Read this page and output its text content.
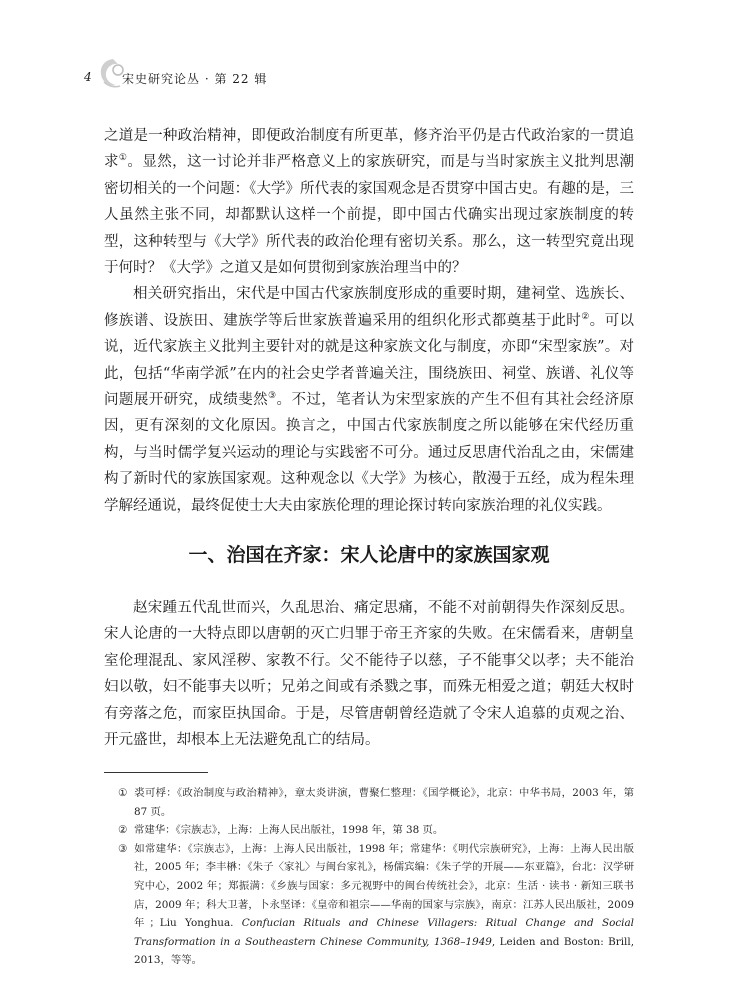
4	宋史研究论丛 · 第 22 辑

之道是一种政治精神，即便政治制度有所更革，修齐治平仍是古代政治家的一贯追求①。显然，这一讨论并非严格意义上的家族研究，而是与当时家族主义批判思潮密切相关的一个问题：《大学》所代表的家国观念是否贯穿中国古史。有趣的是，三人虽然主张不同，却都默认这样一个前提，即中国古代确实出现过家族制度的转型，这种转型与《大学》所代表的政治伦理有密切关系。那么，这一转型究竟出现于何时？《大学》之道又是如何贯彻到家族治理当中的？

相关研究指出，宋代是中国古代家族制度形成的重要时期，建祠堂、选族长、修族谱、设族田、建族学等后世家族普遍采用的组织化形式都奠基于此时②。可以说，近代家族主义批判主要针对的就是这种家族文化与制度，亦即“宋型家族”。对此，包括“华南学派”在内的社会史学者普遍关注，围绕族田、祠堂、族谱、礼仪等问题展开研究，成绩斐然③。不过，笔者认为宋型家族的产生不但有其社会经济原因，更有深刻的文化原因。换言之，中国古代家族制度之所以能够在宋代经历重构，与当时儒学复兴运动的理论与实践密不可分。通过反思唐代治乱之由，宋儒建构了新时代的家族国家观。这种观念以《大学》为核心，散漫于五经，成为程朱理学解经通说，最终促使士大夫由家族伦理的理论探讨转向家族治理的礼仪实践。

一、治国在齐家：宋人论唐中的家族国家观

赵宋踵五代乱世而兴，久乱思治、痛定思痛，不能不对前朝得失作深刻反思。宋人论唐的一大特点即以唐朝的灭亡归罪于帝王齐家的失败。在宋儒看来，唐朝皇室伦理混乱、家风淫秽、家教不行。父不能待子以慈，子不能事父以孝；夫不能治妇以敬，妇不能事夫以听；兄弟之间或有杀戮之事，而殊无相爱之道；朝廷大权时有旁落之危，而家臣执国命。于是，尽管唐朝曾经造就了令宋人追慕的贞观之治、开元盛世，却根本上无法避免乱亡的结局。

① 裘可桴：《政治制度与政治精神》，章太炎讲演，曹聚仁整理：《国学概论》，北京：中华书局，2003 年，第 87 页。

② 常建华：《宗族志》，上海：上海人民出版社，1998 年，第 38 页。

③ 如常建华：《宗族志》，上海：上海人民出版社，1998 年；常建华：《明代宗族研究》，上海：上海人民出版社，2005 年；李丰楙：《朱子〈家礼〉与闽台家礼》，杨儒宾编：《朱子学的开展——东亚篇》，台北：汉学研究中心，2002 年；郑振满：《乡族与国家：多元视野中的闽台传统社会》，北京：生活 · 读书 · 新知三联书店，2009 年；科大卫著，卜永坚译：《皇帝和祖宗——华南的国家与宗族》，南京：江苏人民出版社，2009 年；Liu Yonghua. Confucian Rituals and Chinese Villagers: Ritual Change and Social Transformation in a Southeastern Chinese Community, 1368–1949, Leiden and Boston: Brill, 2013，等等。
